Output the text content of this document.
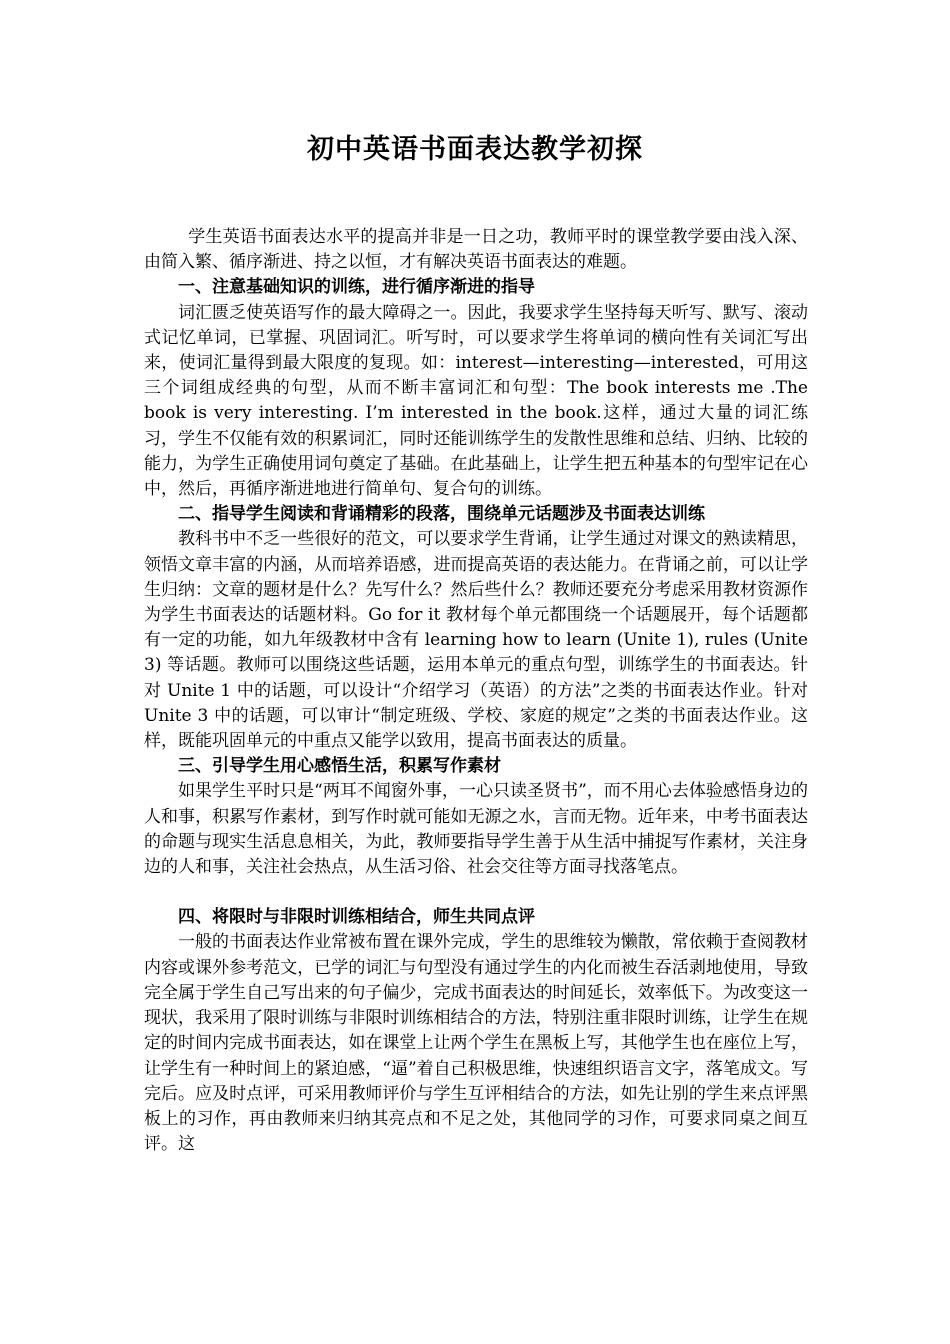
初中英语书面表达教学初探

学生英语书面表达水平的提高并非是一日之功，教师平时的课堂教学要由浅入深、由简入繁、循序渐进、持之以恒，才有解决英语书面表达的难题。

一、注意基础知识的训练，进行循序渐进的指导

词汇匮乏使英语写作的最大障碍之一。因此，我要求学生坚持每天听写、默写、滚动式记忆单词，已掌握、巩固词汇。听写时，可以要求学生将单词的横向性有关词汇写出来，使词汇量得到最大限度的复现。如：interest—interesting—interested，可用这三个词组成经典的句型，从而不断丰富词汇和句型：The book interests me .The book is very interesting. I’m interested in the book.这样，通过大量的词汇练习，学生不仅能有效的积累词汇，同时还能训练学生的发散性思维和总结、归纳、比较的能力，为学生正确使用词句奠定了基础。在此基础上，让学生把五种基本的句型牢记在心中，然后，再循序渐进地进行简单句、复合句的训练。

二、指导学生阅读和背诵精彩的段落，围绕单元话题涉及书面表达训练

教科书中不乏一些很好的范文，可以要求学生背诵，让学生通过对课文的熟读精思，领悟文章丰富的内涵，从而培养语感，进而提高英语的表达能力。在背诵之前，可以让学生归纳：文章的题材是什么？先写什么？然后些什么？教师还要充分考虑采用教材资源作为学生书面表达的话题材料。Go for it 教材每个单元都围绕一个话题展开，每个话题都有一定的功能，如九年级教材中含有 learning how to learn (Unite 1), rules (Unite 3) 等话题。教师可以围绕这些话题，运用本单元的重点句型，训练学生的书面表达。针对 Unite 1 中的话题，可以设计“介绍学习（英语）的方法”之类的书面表达作业。针对 Unite 3 中的话题，可以审计“制定班级、学校、家庭的规定”之类的书面表达作业。这样，既能巩固单元的中重点又能学以致用，提高书面表达的质量。

三、引导学生用心感悟生活，积累写作素材

如果学生平时只是“两耳不闻窗外事，一心只读圣贤书”，而不用心去体验感悟身边的人和事，积累写作素材，到写作时就可能如无源之水，言而无物。近年来，中考书面表达的命题与现实生活息息相关，为此，教师要指导学生善于从生活中捕捉写作素材，关注身边的人和事，关注社会热点，从生活习俗、社会交往等方面寻找落笔点。

四、将限时与非限时训练相结合，师生共同点评

一般的书面表达作业常被布置在课外完成，学生的思维较为懒散，常依赖于查阅教材内容或课外参考范文，已学的词汇与句型没有通过学生的内化而被生吞活剥地使用，导致完全属于学生自己写出来的句子偏少，完成书面表达的时间延长，效率低下。为改变这一现状，我采用了限时训练与非限时训练相结合的方法，特别注重非限时训练，让学生在规定的时间内完成书面表达，如在课堂上让两个学生在黑板上写，其他学生也在座位上写，让学生有一种时间上的紧迫感，“逼”着自己积极思维，快速组织语言文字，落笔成文。写完后。应及时点评，可采用教师评价与学生互评相结合的方法，如先让别的学生来点评黑板上的习作，再由教师来归纳其亮点和不足之处，其他同学的习作，可要求同桌之间互评。这
